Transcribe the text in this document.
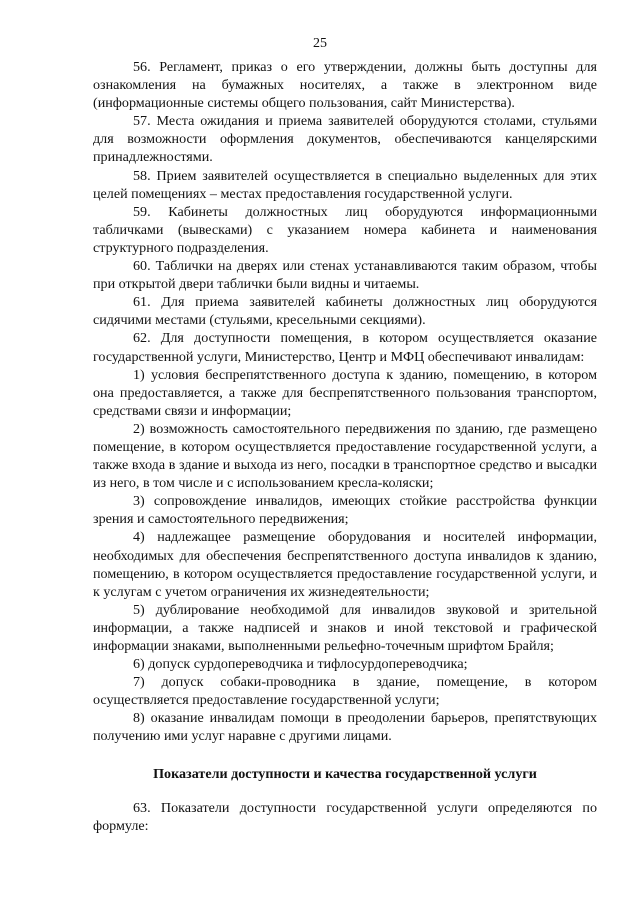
25

56. Регламент, приказ о его утверждении, должны быть доступны для ознакомления на бумажных носителях, а также в электронном виде (информационные системы общего пользования, сайт Министерства).

57. Места ожидания и приема заявителей оборудуются столами, стульями для возможности оформления документов, обеспечиваются канцелярскими принадлежностями.

58. Прием заявителей осуществляется в специально выделенных для этих целей помещениях – местах предоставления государственной услуги.

59. Кабинеты должностных лиц оборудуются информационными табличками (вывесками) с указанием номера кабинета и наименования структурного подразделения.

60. Таблички на дверях или стенах устанавливаются таким образом, чтобы при открытой двери таблички были видны и читаемы.

61. Для приема заявителей кабинеты должностных лиц оборудуются сидячими местами (стульями, кресельными секциями).

62. Для доступности помещения, в котором осуществляется оказание государственной услуги, Министерство, Центр и МФЦ обеспечивают инвалидам:

1) условия беспрепятственного доступа к зданию, помещению, в котором она предоставляется, а также для беспрепятственного пользования транспортом, средствами связи и информации;

2) возможность самостоятельного передвижения по зданию, где размещено помещение, в котором осуществляется предоставление государственной услуги, а также входа в здание и выхода из него, посадки в транспортное средство и высадки из него, в том числе и с использованием кресла-коляски;

3) сопровождение инвалидов, имеющих стойкие расстройства функции зрения и самостоятельного передвижения;

4) надлежащее размещение оборудования и носителей информации, необходимых для обеспечения беспрепятственного доступа инвалидов к зданию, помещению, в котором осуществляется предоставление государственной услуги, и к услугам с учетом ограничения их жизнедеятельности;

5) дублирование необходимой для инвалидов звуковой и зрительной информации, а также надписей и знаков и иной текстовой и графической информации знаками, выполненными рельефно-точечным шрифтом Брайля;

6) допуск сурдопереводчика и тифлосурдопереводчика;

7) допуск собаки-проводника в здание, помещение, в котором осуществляется предоставление государственной услуги;

8) оказание инвалидам помощи в преодолении барьеров, препятствующих получению ими услуг наравне с другими лицами.

Показатели доступности и качества государственной услуги

63. Показатели доступности государственной услуги определяются по формуле:
